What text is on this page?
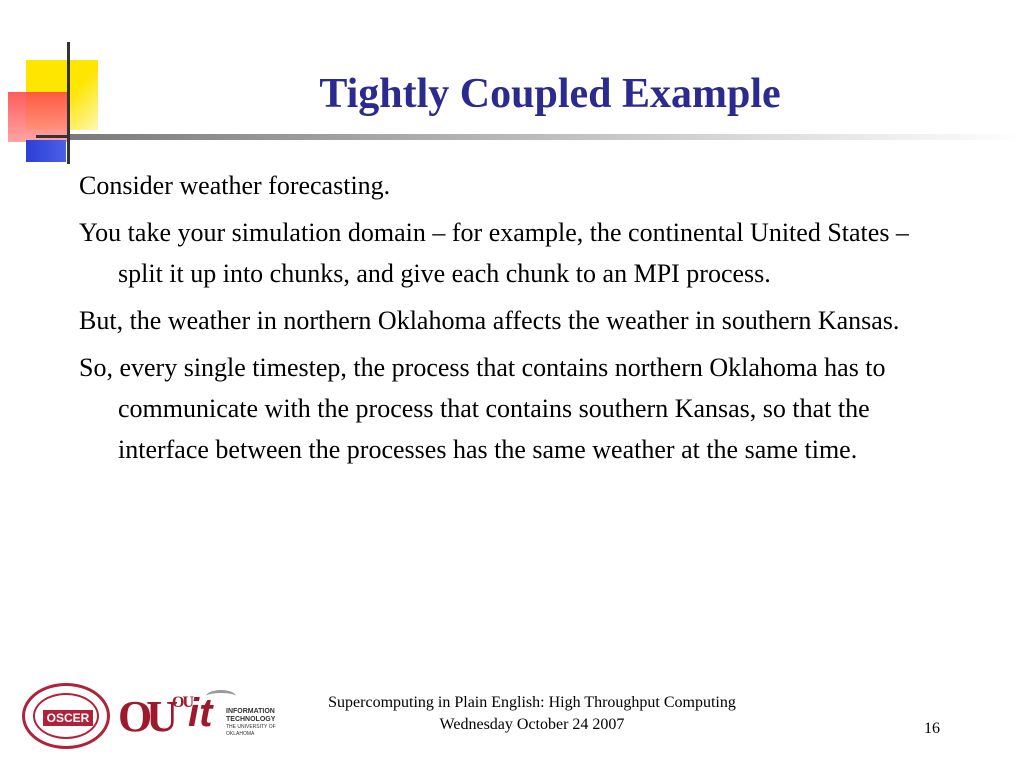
Tightly Coupled Example
Consider weather forecasting.
You take your simulation domain – for example, the continental United States – split it up into chunks, and give each chunk to an MPI process.
But, the weather in northern Oklahoma affects the weather in southern Kansas.
So, every single timestep, the process that contains northern Oklahoma has to communicate with the process that contains southern Kansas, so that the interface between the processes has the same weather at the same time.
OSCER OU OU
it INFORMATION
TECHNOLOGY
THE UNIVERSITY OF OKLAHOMA
Supercomputing in Plain English: High Throughput Computing
Wednesday October 24 2007	16
